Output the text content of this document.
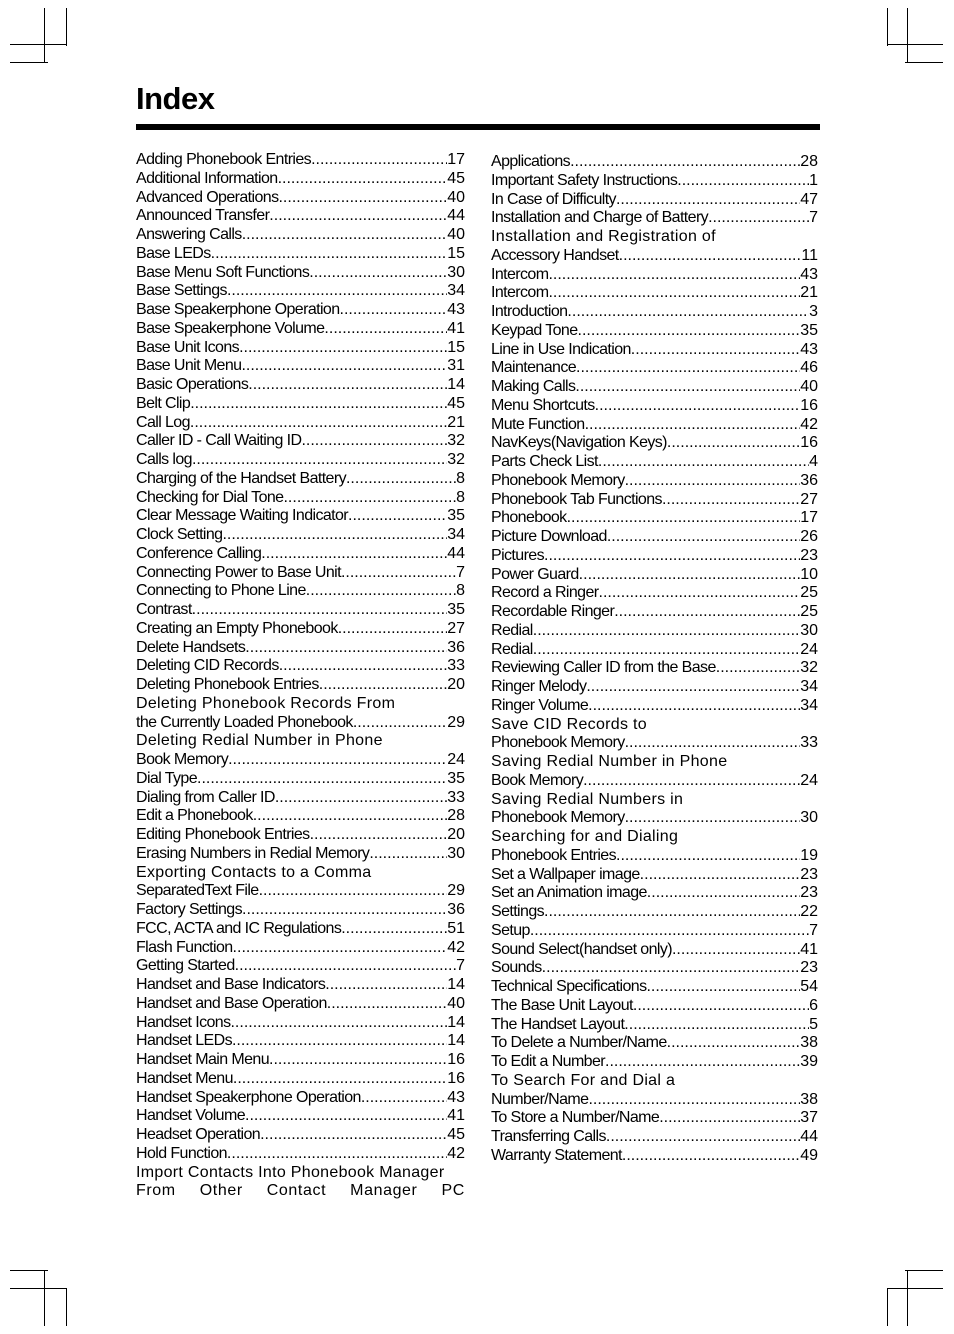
Index
Adding Phonebook Entries .....	17
Additional Information .....	45
Advanced Operations .....	40
Announced Transfer .....	44
Answering Calls .....	40
Base LEDs .....	15
Base Menu Soft Functions .....	30
Base Settings .....	34
Base Speakerphone Operation .....	43
Base Speakerphone Volume .....	41
Base Unit Icons .....	15
Base Unit Menu .....	31
Basic Operations .....	14
Belt Clip .....	45
Call Log .....	21
Caller ID - Call Waiting ID .....	32
Calls log .....	32
Charging of the Handset Battery .....	8
Checking for Dial Tone .....	8
Clear Message Waiting Indicator .....	35
Clock Setting .....	34
Conference Calling .....	44
Connecting Power to Base Unit .....	7
Connecting to Phone Line .....	8
Contrast .....	35
Creating an Empty Phonebook .....	27
Delete Handsets .....	36
Deleting CID Records .....	33
Deleting Phonebook Entries .....	20
Deleting Phonebook Records From
the Currently Loaded Phonebook .....	29
Deleting Redial Number in Phone
Book Memory .....	24
Dial Type .....	35
Dialing from Caller ID .....	33
Edit a Phonebook .....	28
Editing Phonebook Entries .....	20
Erasing Numbers in Redial Memory .....	30
Exporting Contacts to a Comma
SeparatedText File .....	29
Factory Settings .....	36
FCC, ACTA and IC Regulations .....	51
Flash Function .....	42
Getting Started .....	7
Handset and Base Indicators .....	14
Handset and Base Operation .....	40
Handset Icons .....	14
Handset LEDs .....	14
Handset Main Menu .....	16
Handset Menu .....	16
Handset Speakerphone Operation .....	43
Handset Volume .....	41
Headset Operation .....	45
Hold Function .....	42
Import Contacts Into Phonebook Manager
From Other Contact Manager PC
Applications .....	28
Important Safety Instructions .....	1
In Case of Difficulty .....	47
Installation and Charge of Battery .....	7
Installation and Registration of
Accessory Handset .....	11
Intercom .....	43
Intercom .....	21
Introduction .....	3
Keypad Tone .....	35
Line in Use Indication .....	43
Maintenance .....	46
Making Calls .....	40
Menu Shortcuts .....	16
Mute Function .....	42
NavKeys(Navigation Keys) .....	16
Parts Check List .....	4
Phonebook Memory .....	36
Phonebook Tab Functions .....	27
Phonebook .....	17
Picture Download .....	26
Pictures .....	23
Power Guard .....	10
Record a Ringer .....	25
Recordable Ringer .....	25
Redial .....	30
Redial .....	24
Reviewing Caller ID from the Base .....	32
Ringer Melody .....	34
Ringer Volume .....	34
Save CID Records to
Phonebook Memory .....	33
Saving Redial Number in Phone
Book Memory .....	24
Saving Redial Numbers in
Phonebook Memory .....	30
Searching for and Dialing
Phonebook Entries .....	19
Set a Wallpaper image .....	23
Set an Animation image .....	23
Settings .....	22
Setup .....	7
Sound Select(handset only) .....	41
Sounds .....	23
Technical Specifications .....	54
The Base Unit Layout .....	6
The Handset Layout .....	5
To Delete a Number/Name .....	38
To Edit a Number .....	39
To Search For and Dial a
Number/Name .....	38
To Store a Number/Name .....	37
Transferring Calls .....	44
Warranty Statement .....	49
